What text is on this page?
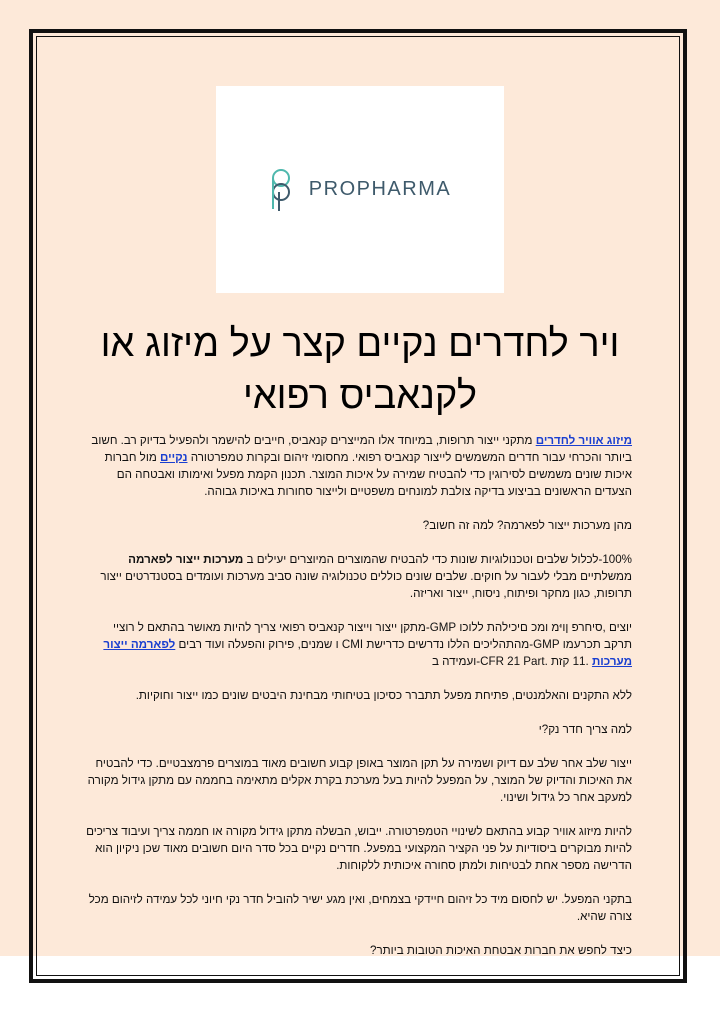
PROPHARMA
ויר לחדרים נקיים קצר על מיזוג או לקנאביס רפואי

מיזוג אוויר לחדרים מתקני ייצור תרופות, במיוחד אלו המייצרים קנאביס, חייבים להישמר ולהפעיל בדיוק רב. חשוב ביותר והכרחי עבור חדרים המשמשים לייצור קנאביס רפואי. מחסומי זיהום ובקרות טמפרטורה נקיים מול חברות איכות שונים משמשים לסירוגין כדי להבטיח שמירה על איכות המוצר. תכנון הקמת מפעל ואימותו ואבטחה הם הצעדים הראשונים בביצוע בדיקה צולבת למונחים משפטיים ולייצור סחורות באיכות גבוהה.

מהן מערכות ייצור לפארמה? למה זה חשוב?

100%-לכלול שלבים וטכנולוגיות שונות כדי להבטיח שהמוצרים המיוצרים יעילים ב מערכות ייצור לפארמה ממשלתיים מבלי לעבור על חוקים. שלבים שונים כוללים טכנולוגיה שונה סביב מערכות ועומדים בסטנדרטים ייצור תרופות, כגון מחקר ופיתוח, ניסוח, ייצור ואריזה.

יוצים ,סיחרפ ןויּמ ומכ םיכילהת ללוכו GMP-מתקן ייצור וייצור קנאביס רפואי צריך להיות מאושר בהתאם ל רוציי תרקב תכרעמו GMP-מהתהליכים הללו נדרשים כדרישת CMI ו שמנים, פירוק והפעלה ועוד רבים לפארמה ייצור מערכות .11 קזת .CFR 21 Part-ועמידה ב

ללא התקנים והאלמנטים, פתיחת מפעל תתברר כסיכון בטיחותי מבחינת היבטים שונים כמו ייצור וחוקיות.

למה צריך חדר נק?י

ייצור שלב אחר שלב עם דיוק ושמירה על תקן המוצר באופן קבוע חשובים מאוד במוצרים פרמצבטיים. כדי להבטיח את האיכות והדיוק של המוצר, על המפעל להיות בעל מערכת בקרת אקלים מתאימה בחממה עם מתקן גידול מקורה למעקב אחר כל גידול ושינוי.

להיות מיזוג אוויר קבוע בהתאם לשינויי הטמפרטורה. ייבוש, הבשלה מתקן גידול מקורה או חממה צריך ועיבוד צריכים להיות מבוקרים ביסודיות על פני הקציר המקצועי במפעל. חדרים נקיים בכל סדר היום חשובים מאוד שכן ניקיון הוא הדרישה מספר אחת לבטיחות ולמתן סחורה איכותית ללקוחות.

בתקני המפעל. יש לחסום מיד כל זיהום חיידקי בצמחים, ואין מגע ישיר להוביל חדר נקי חיוני לכל עמידה לזיהום מכל צורה שהיא.

כיצד לחפש את חברות אבטחת האיכות הטובות ביותר?
